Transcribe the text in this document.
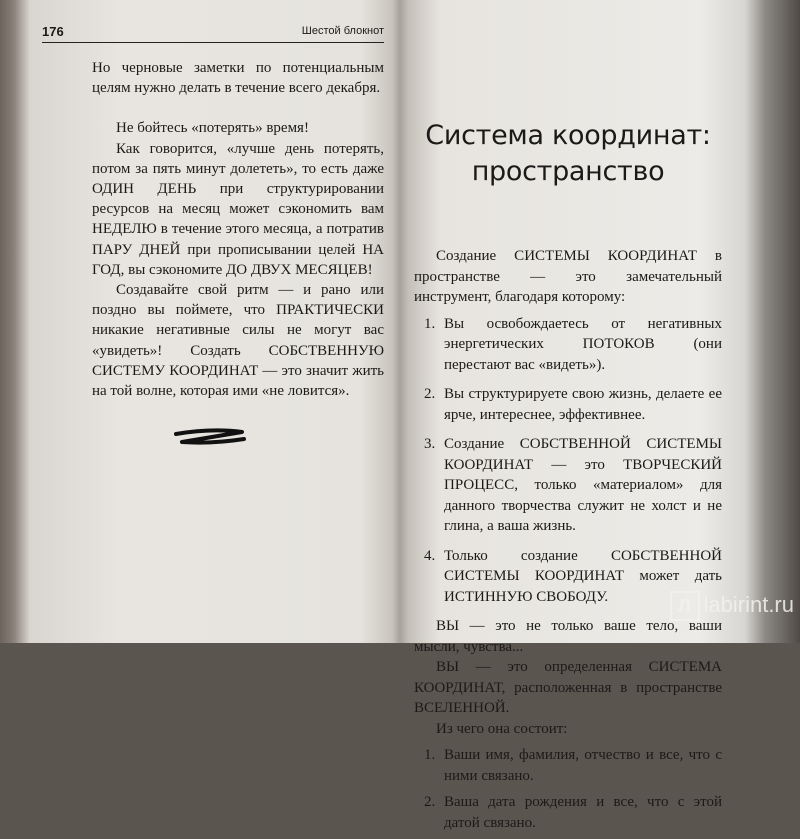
176	Шестой блокнот

Но черновые заметки по потенциальным целям нужно делать в течение всего декабря.

Не бойтесь «потерять» время!

Как говорится, «лучше день потерять, потом за пять минут долететь», то есть даже ОДИН ДЕНЬ при структурировании ресурсов на месяц может сэкономить вам НЕДЕЛЮ в течение этого месяца, а потратив ПАРУ ДНЕЙ при прописывании целей НА ГОД, вы сэкономите ДО ДВУХ МЕСЯЦЕВ!

Создавайте свой ритм — и рано или поздно вы поймете, что ПРАКТИЧЕСКИ никакие негативные силы не могут вас «увидеть»! Создать СОБСТВЕННУЮ СИСТЕМУ КООРДИНАТ — это значит жить на той волне, которая ими «не ловится».

Система координат: пространство

Создание СИСТЕМЫ КООРДИНАТ в пространстве — это замечательный инструмент, благодаря которому:

1. Вы освобождаетесь от негативных энергетических ПОТОКОВ (они перестают вас «видеть»).
2. Вы структурируете свою жизнь, делаете ее ярче, интереснее, эффективнее.
3. Создание СОБСТВЕННОЙ СИСТЕМЫ КООРДИНАТ — это ТВОРЧЕСКИЙ ПРОЦЕСС, только «материалом» для данного творчества служит не холст и не глина, а ваша жизнь.
4. Только создание СОБСТВЕННОЙ СИСТЕМЫ КООРДИНАТ может дать ИСТИННУЮ СВОБОДУ.

ВЫ — это не только ваше тело, ваши мысли, чувства...

ВЫ — это определенная СИСТЕМА КООРДИНАТ, расположенная в пространстве ВСЕЛЕННОЙ.

Из чего она состоит:

1. Ваши имя, фамилия, отчество и все, что с ними связано.
2. Ваша дата рождения и все, что с этой датой связано.
Л labirint.ru
